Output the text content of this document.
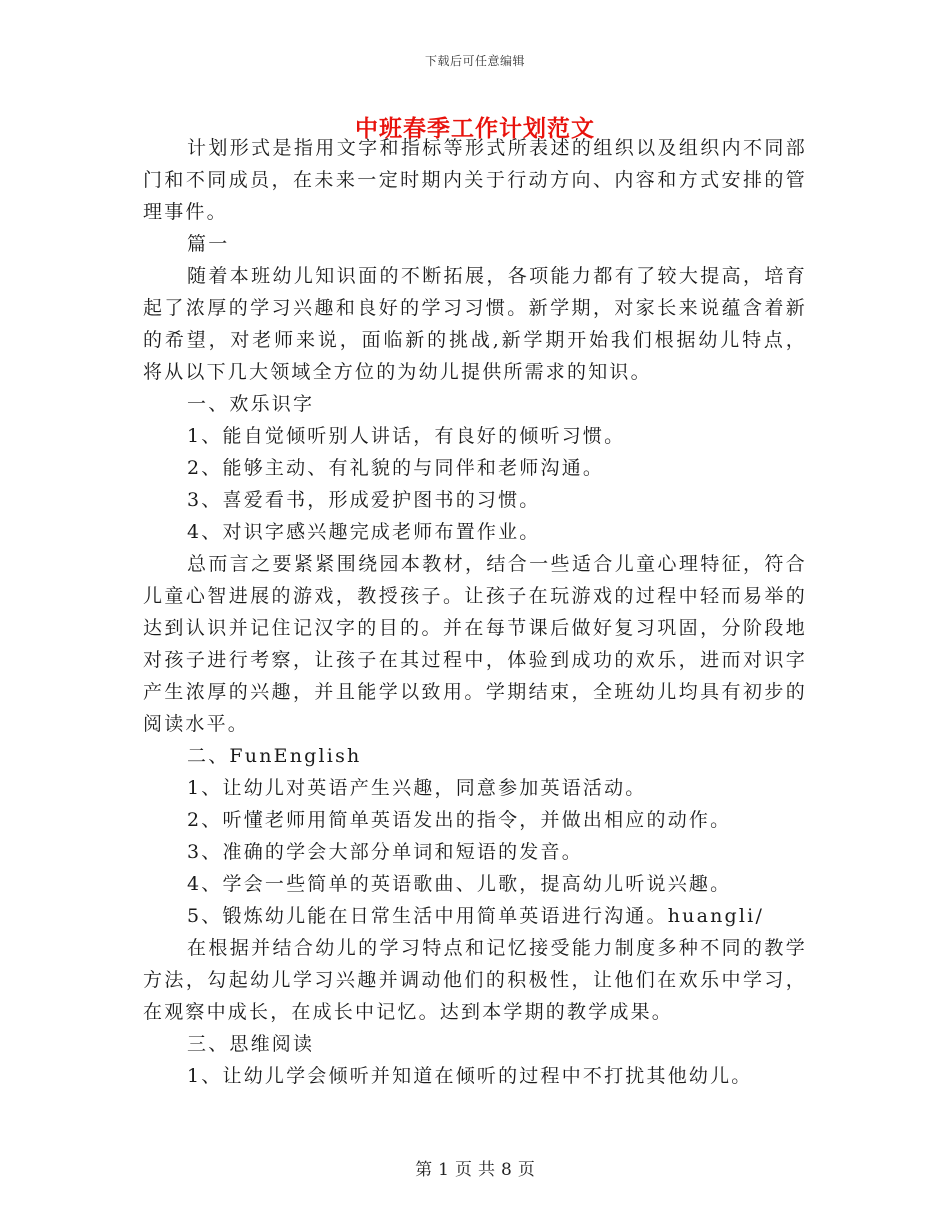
下载后可任意编辑
中班春季工作计划范文

计划形式是指用文字和指标等形式所表述的组织以及组织内不同部门和不同成员，在未来一定时期内关于行动方向、内容和方式安排的管理事件。

篇一

随着本班幼儿知识面的不断拓展，各项能力都有了较大提高，培育起了浓厚的学习兴趣和良好的学习习惯。新学期，对家长来说蕴含着新的希望，对老师来说，面临新的挑战,新学期开始我们根据幼儿特点，将从以下几大领域全方位的为幼儿提供所需求的知识。

一、欢乐识字

1、能自觉倾听别人讲话，有良好的倾听习惯。

2、能够主动、有礼貌的与同伴和老师沟通。

3、喜爱看书，形成爱护图书的习惯。

4、对识字感兴趣完成老师布置作业。

总而言之要紧紧围绕园本教材，结合一些适合儿童心理特征，符合儿童心智进展的游戏，教授孩子。让孩子在玩游戏的过程中轻而易举的达到认识并记住记汉字的目的。并在每节课后做好复习巩固，分阶段地对孩子进行考察，让孩子在其过程中，体验到成功的欢乐，进而对识字产生浓厚的兴趣，并且能学以致用。学期结束，全班幼儿均具有初步的阅读水平。

二、FunEnglish

1、让幼儿对英语产生兴趣，同意参加英语活动。

2、听懂老师用简单英语发出的指令，并做出相应的动作。

3、准确的学会大部分单词和短语的发音。

4、学会一些简单的英语歌曲、儿歌，提高幼儿听说兴趣。

5、锻炼幼儿能在日常生活中用简单英语进行沟通。huangli/

在根据并结合幼儿的学习特点和记忆接受能力制度多种不同的教学方法，勾起幼儿学习兴趣并调动他们的积极性，让他们在欢乐中学习，在观察中成长，在成长中记忆。达到本学期的教学成果。

三、思维阅读

1、让幼儿学会倾听并知道在倾听的过程中不打扰其他幼儿。

第 1 页 共 8 页
